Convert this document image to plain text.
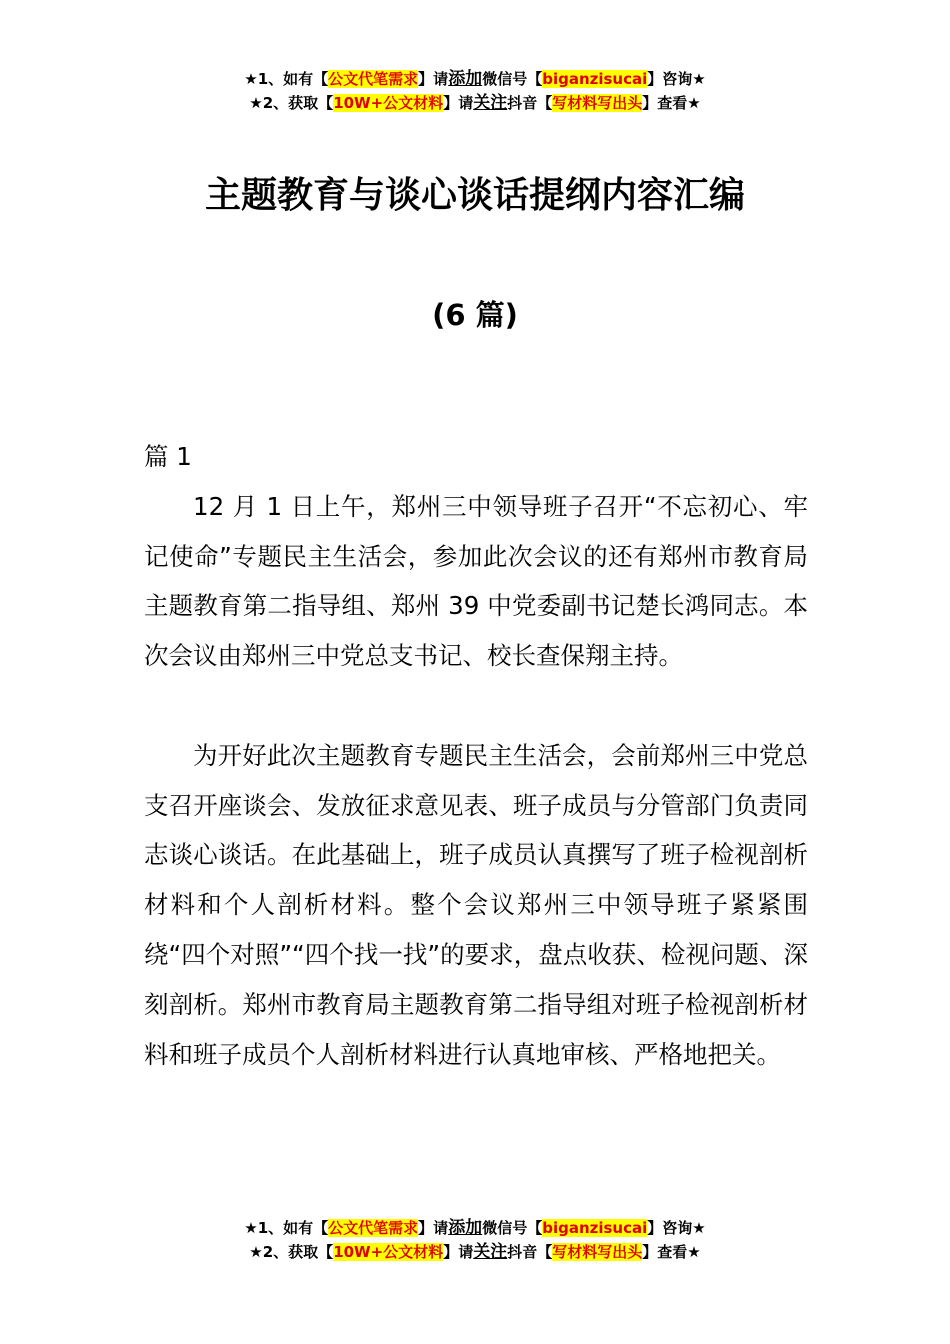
★1、如有【公文代笔需求】请添加微信号【biganzisucai】咨询★
★2、获取【10W+公文材料】请关注抖音【写材料写出头】查看★
主题教育与谈心谈话提纲内容汇编
(6 篇)

篇 1

12 月 1 日上午，郑州三中领导班子召开“不忘初心、牢记使命”专题民主生活会，参加此次会议的还有郑州市教育局主题教育第二指导组、郑州 39 中党委副书记楚长鸿同志。本次会议由郑州三中党总支书记、校长查保翔主持。

为开好此次主题教育专题民主生活会，会前郑州三中党总支召开座谈会、发放征求意见表、班子成员与分管部门负责同志谈心谈话。在此基础上，班子成员认真撰写了班子检视剖析材料和个人剖析材料。整个会议郑州三中领导班子紧紧围绕“四个对照”“四个找一找”的要求，盘点收获、检视问题、深刻剖析。郑州市教育局主题教育第二指导组对班子检视剖析材料和班子成员个人剖析材料进行认真地审核、严格地把关。

★1、如有【公文代笔需求】请添加微信号【biganzisucai】咨询★
★2、获取【10W+公文材料】请关注抖音【写材料写出头】查看★
